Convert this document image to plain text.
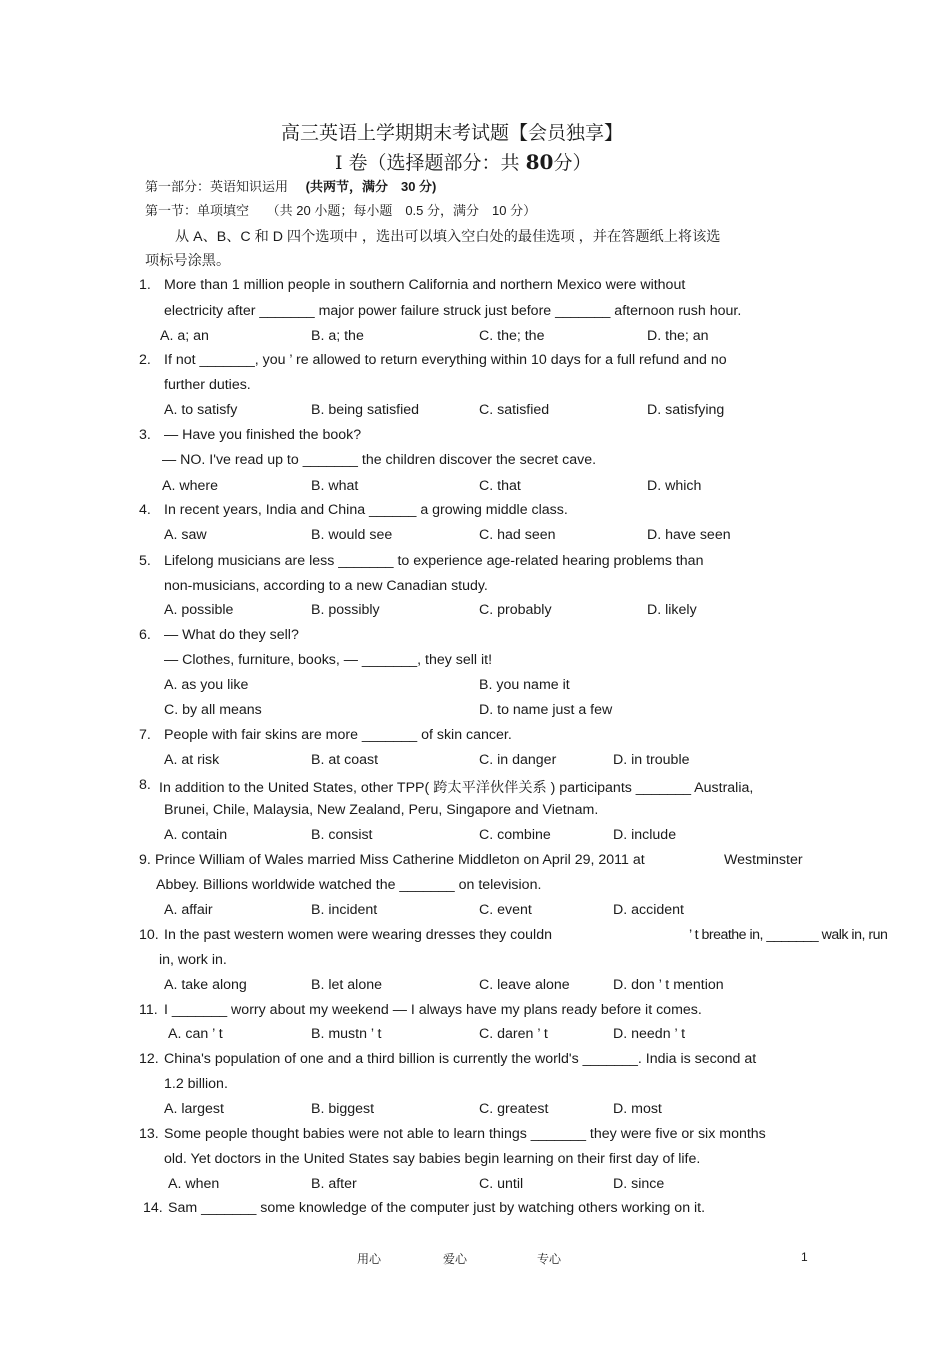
高三英语上学期期末考试题【会员独享】
I 卷（选择题部分：共 80分）
第一部分：英语知识运用 (共两节，满分　30 分)
第一节：单项填空 （共 20 小题；每小题　0.5 分，满分　10 分）
从 A、B、C 和 D 四个选项中 ，选出可以填入空白处的最佳选项 ，并在答题纸上将该选
项标号涂黑。
1. More than 1 million people in southern California and northern Mexico were without
electricity after _______ major power failure struck just before _______ afternoon rush hour.
A. a; an	B. a; the	C. the; the	D. the; an
2. If not _______, you ’ re allowed to return everything within 10 days for a full refund and no
further duties.
A. to satisfy	B. being satisfied	C. satisfied	D. satisfying
3. — Have you finished the book?
— NO. I've read up to _______ the children discover the secret cave.
A. where	B. what	C. that	D. which
4. In recent years, India and China ______ a growing middle class.
A. saw	B. would see	C. had seen	D. have seen
5. Lifelong musicians are less _______ to experience age-related hearing problems than
non-musicians, according to a new Canadian study.
A. possible	B. possibly	C. probably	D. likely
6. — What do they sell?
— Clothes, furniture, books, — _______, they sell it!
A. as you like	B. you name it
C. by all means	D. to name just a few
7. People with fair skins are more _______ of skin cancer.
A. at risk	B. at coast	C. in danger	D. in trouble
8. In addition to the United States, other TPP( 跨太平洋伙伴关系 ) participants _______ Australia,
Brunei, Chile, Malaysia, New Zealand, Peru, Singapore and Vietnam.
A. contain	B. consist	C. combine	D. include
9. Prince William of Wales married Miss Catherine Middleton on April 29, 2011 at	Westminster
Abbey. Billions worldwide watched the _______ on television.
A. affair	B. incident	C. event	D. accident
10. In the past western women were wearing dresses they couldn	’ t breathe in, _______ walk in, run
in, work in.
A. take along	B. let alone	C. leave alone	D. don ’ t mention
11. I _______ worry about my weekend — I always have my plans ready before it comes.
A. can ’ t	B. mustn ’ t	C. daren ’ t	D. needn ’ t
12. China's population of one and a third billion is currently the world's _______. India is second at
1.2 billion.
A. largest	B. biggest	C. greatest	D. most
13. Some people thought babies were not able to learn things _______ they were five or six months
old. Yet doctors in the United States say babies begin learning on their first day of life.
A. when	B. after	C. until	D. since
14. Sam _______ some knowledge of the computer just by watching others working on it.
用心	爱心	专心	1
